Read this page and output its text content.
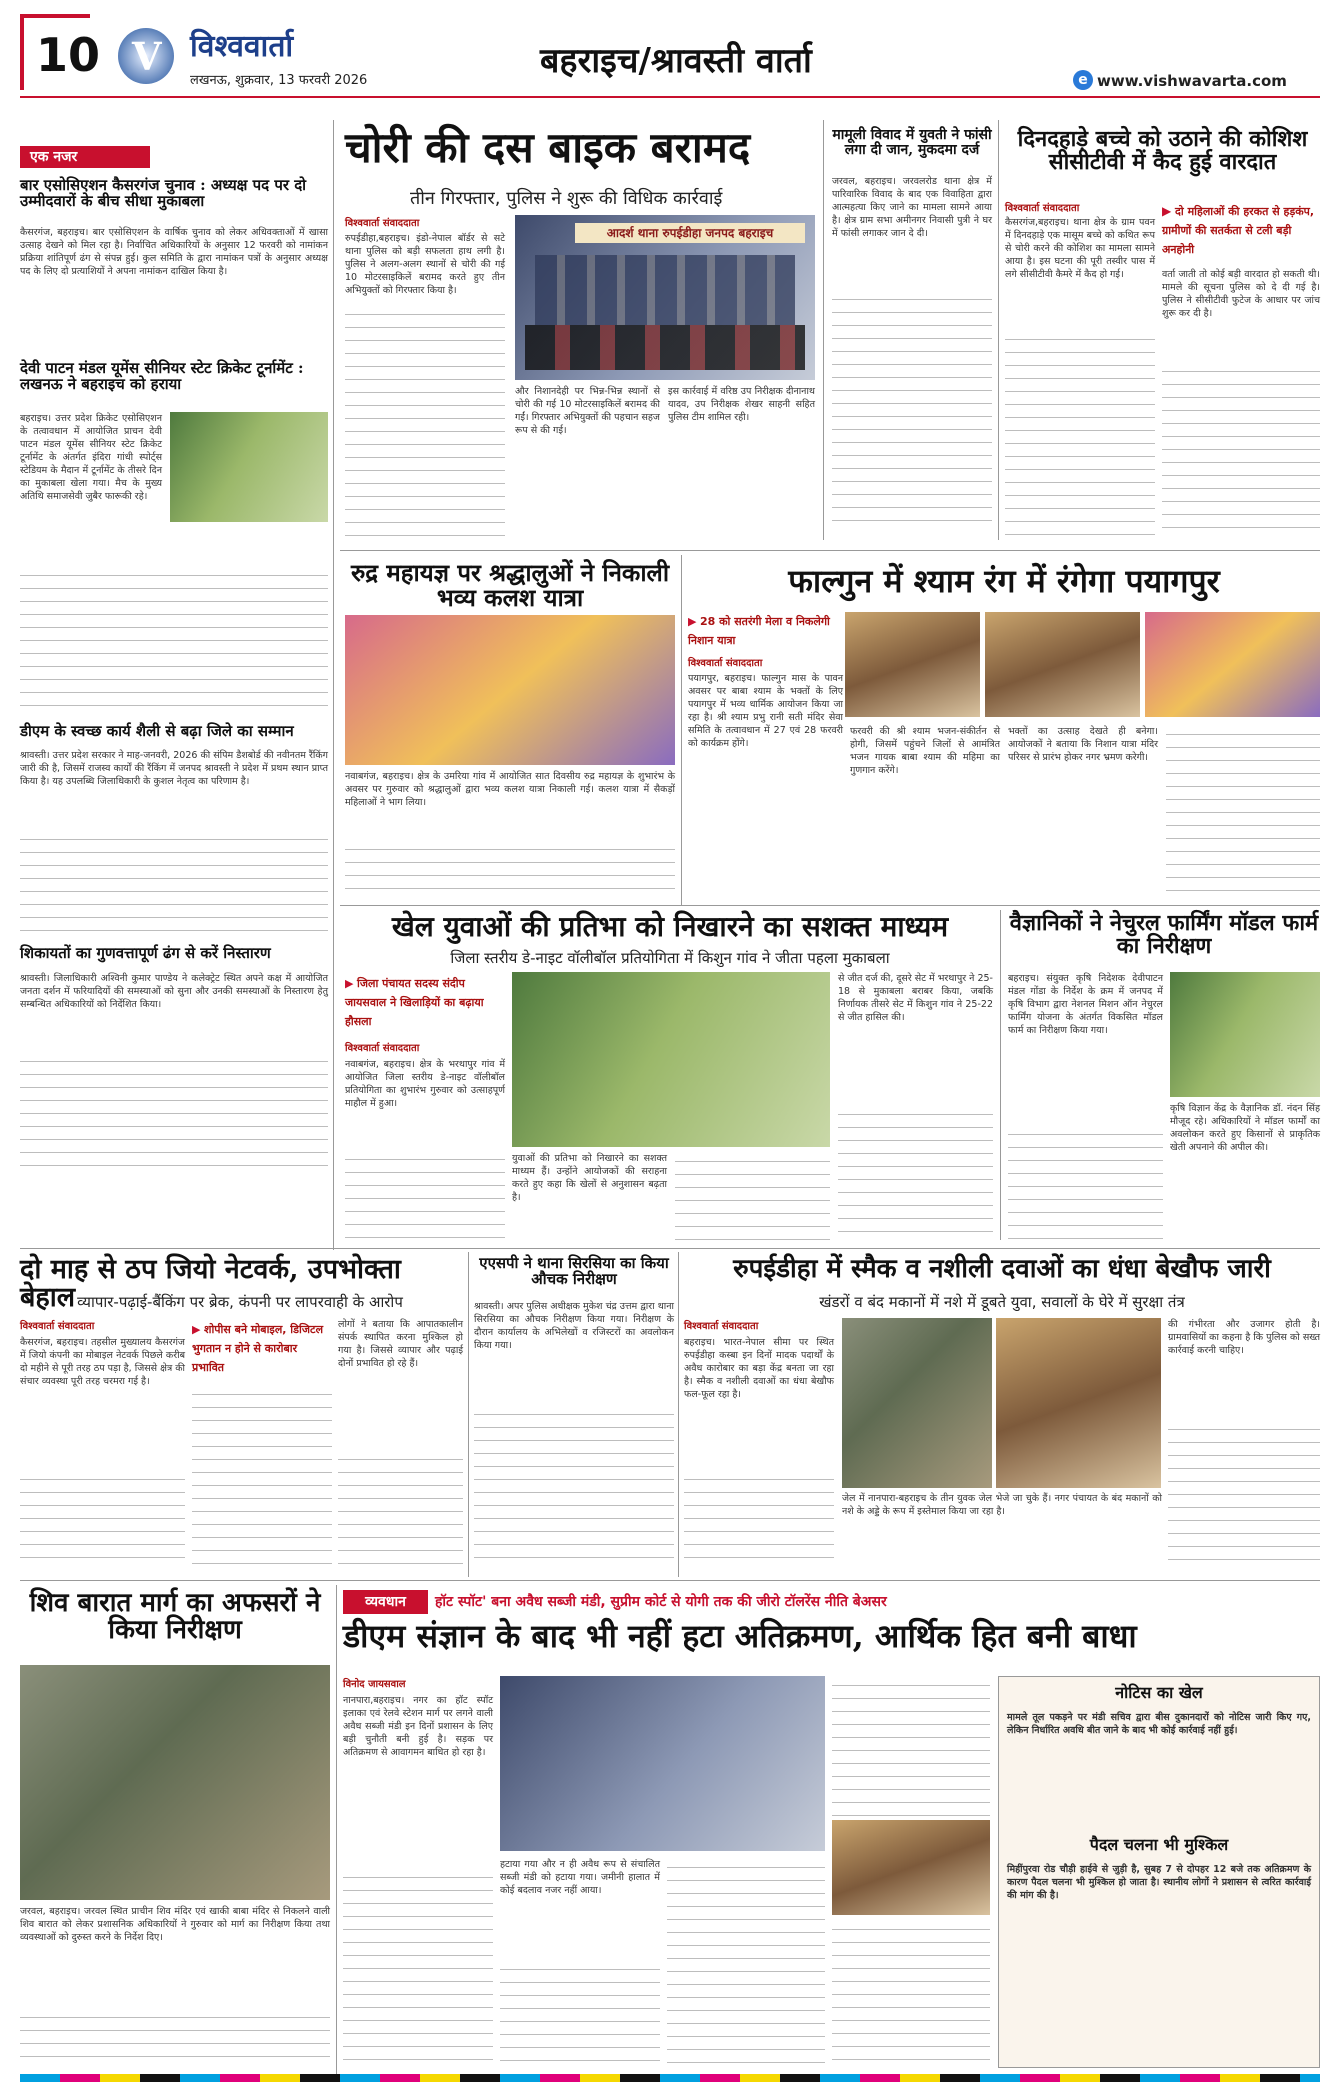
10 V विश्ववार्ता
लखनऊ, शुक्रवार, 13 फरवरी 2026	बहराइच/श्रावस्ती वार्ता	e www.vishwavarta.com
एक नजर
बार एसोसिएशन कैसरगंज चुनाव : अध्यक्ष पद पर दो उम्मीदवारों के बीच सीधा मुकाबला
कैसरगंज, बहराइच। बार एसोसिएशन के वार्षिक चुनाव को लेकर अधिवक्ताओं में खासा उत्साह देखने को मिल रहा है। निर्वाचित अधिकारियों के अनुसार 12 फरवरी को नामांकन प्रक्रिया शांतिपूर्ण ढंग से संपन्न हुई। कुल समिति के द्वारा नामांकन पत्रों के अनुसार अध्यक्ष पद के लिए दो प्रत्याशियों ने अपना नामांकन दाखिल किया है।
देवी पाटन मंडल यूमेंस सीनियर स्टेट क्रिकेट टूर्नामेंट : लखनऊ ने बहराइच को हराया
बहराइच। उत्तर प्रदेश क्रिकेट एसोसिएशन के तत्वावधान में आयोजित प्राचन देवी पाटन मंडल यूमेंस सीनियर स्टेट क्रिकेट टूर्नामेंट के अंतर्गत इंदिरा गांधी स्पोर्ट्स स्टेडियम के मैदान में टूर्नामेंट के तीसरे दिन का मुकाबला खेला गया। मैच के मुख्य अतिथि समाजसेवी जुबैर फारूकी रहे।
डीएम के स्वच्छ कार्य शैली से बढ़ा जिले का सम्मान
श्रावस्ती। उत्तर प्रदेश सरकार ने माह-जनवरी, 2026 की संपिम डैशबोर्ड की नवीनतम रैंकिंग जारी की है, जिसमें राजस्व कार्यों की रैंकिंग में जनपद श्रावस्ती ने प्रदेश में प्रथम स्थान प्राप्त किया है। यह उपलब्धि जिलाधिकारी के कुशल नेतृत्व का परिणाम है।
शिकायतों का गुणवत्तापूर्ण ढंग से करें निस्तारण
श्रावस्ती। जिलाधिकारी अश्विनी कुमार पाण्डेय ने कलेक्ट्रेट स्थित अपने कक्ष में आयोजित जनता दर्शन में फरियादियों की समस्याओं को सुना और उनकी समस्याओं के निस्तारण हेतु सम्बन्धित अधिकारियों को निर्देशित किया।
चोरी की दस बाइक बरामद
तीन गिरफ्तार, पुलिस ने शुरू की विधिक कार्रवाई
विश्ववार्ता संवाददाता
रुपईडीहा,बहराइच। इंडो-नेपाल बॉर्डर से सटे थाना पुलिस को बड़ी सफलता हाथ लगी है। पुलिस ने अलग-अलग स्थानों से चोरी की गई 10 मोटरसाइकिलें बरामद करते हुए तीन अभियुक्तों को गिरफ्तार किया है।
आदर्श थाना रुपईडीहा जनपद बहराइच
और निशानदेही पर भिन्न-भिन्न स्थानों से चोरी की गई 10 मोटरसाइकिलें बरामद की गईं। गिरफ्तार अभियुक्तों की पहचान सहज रूप से की गई।
इस कार्रवाई में वरिष्ठ उप निरीक्षक दीनानाथ यादव, उप निरीक्षक शेखर साहनी सहित पुलिस टीम शामिल रही।
मामूली विवाद में युवती ने फांसी लगा दी जान, मुकदमा दर्ज
जरवल, बहराइच। जरवलरोड थाना क्षेत्र में पारिवारिक विवाद के बाद एक विवाहिता द्वारा आत्महत्या किए जाने का मामला सामने आया है। क्षेत्र ग्राम सभा अमीनगर निवासी पुत्री ने घर में फांसी लगाकर जान दे दी।
दिनदहाड़े बच्चे को उठाने की कोशिश सीसीटीवी में कैद हुई वारदात
विश्ववार्ता संवाददाता
कैसरगंज,बहराइच। थाना क्षेत्र के ग्राम पवन में दिनदहाड़े एक मासूम बच्चे को कथित रूप से चोरी करने की कोशिश का मामला सामने आया है। इस घटना की पूरी तस्वीर पास में लगे सीसीटीवी कैमरे में कैद हो गई।
▶ दो महिलाओं की हरकत से हड़कंप, ग्रामीणों की सतर्कता से टली बड़ी अनहोनी
वर्ता जाती तो कोई बड़ी वारदात हो सकती थी। मामले की सूचना पुलिस को दे दी गई है। पुलिस ने सीसीटीवी फुटेज के आधार पर जांच शुरू कर दी है।
रुद्र महायज्ञ पर श्रद्धालुओं ने निकाली भव्य कलश यात्रा
नवाबगंज, बहराइच। क्षेत्र के उमरिया गांव में आयोजित सात दिवसीय रुद्र महायज्ञ के शुभारंभ के अवसर पर गुरुवार को श्रद्धालुओं द्वारा भव्य कलश यात्रा निकाली गई। कलश यात्रा में सैकड़ों महिलाओं ने भाग लिया।
फाल्गुन में श्याम रंग में रंगेगा पयागपुर
▶ 28 को सतरंगी मेला व निकलेगी निशान यात्रा
विश्ववार्ता संवाददाता
पयागपुर, बहराइच। फाल्गुन मास के पावन अवसर पर बाबा श्याम के भक्तों के लिए पयागपुर में भव्य धार्मिक आयोजन किया जा रहा है। श्री श्याम प्रभु रानी सती मंदिर सेवा समिति के तत्वावधान में 27 एवं 28 फरवरी को कार्यक्रम होंगे।
फरवरी की श्री श्याम भजन-संकीर्तन से होगी, जिसमें पहुंचने जिलों से आमंत्रित भजन गायक बाबा श्याम की महिमा का गुणगान करेंगे।
भक्तों का उत्साह देखते ही बनेगा। आयोजकों ने बताया कि निशान यात्रा मंदिर परिसर से प्रारंभ होकर नगर भ्रमण करेगी।
खेल युवाओं की प्रतिभा को निखारने का सशक्त माध्यम
जिला स्तरीय डे-नाइट वॉलीबॉल प्रतियोगिता में किशुन गांव ने जीता पहला मुकाबला
▶ जिला पंचायत सदस्य संदीप जायसवाल ने खिलाड़ियों का बढ़ाया हौसला
विश्ववार्ता संवाददाता
नवाबगंज, बहराइच। क्षेत्र के भरथापुर गांव में आयोजित जिला स्तरीय डे-नाइट वॉलीबॉल प्रतियोगिता का शुभारंभ गुरुवार को उत्साहपूर्ण माहौल में हुआ।
युवाओं की प्रतिभा को निखारने का सशक्त माध्यम हैं। उन्होंने आयोजकों की सराहना करते हुए कहा कि खेलों से अनुशासन बढ़ता है।
से जीत दर्ज की, दूसरे सेट में भरथापुर ने 25-18 से मुकाबला बराबर किया, जबकि निर्णायक तीसरे सेट में किशुन गांव ने 25-22 से जीत हासिल की।
वैज्ञानिकों ने नेचुरल फार्मिंग मॉडल फार्म का निरीक्षण
बहराइच। संयुक्त कृषि निदेशक देवीपाटन मंडल गोंडा के निर्देश के क्रम में जनपद में कृषि विभाग द्वारा नेशनल मिशन ऑन नेचुरल फार्मिंग योजना के अंतर्गत विकसित मॉडल फार्म का निरीक्षण किया गया।
कृषि विज्ञान केंद्र के वैज्ञानिक डॉ. नंदन सिंह मौजूद रहे। अधिकारियों ने मॉडल फार्मों का अवलोकन करते हुए किसानों से प्राकृतिक खेती अपनाने की अपील की।
दो माह से ठप जियो नेटवर्क, उपभोक्ता बेहाल व्यापार-पढ़ाई-बैंकिंग पर ब्रेक, कंपनी पर लापरवाही के आरोप
विश्ववार्ता संवाददाता
कैसरगंज, बहराइच। तहसील मुख्यालय कैसरगंज में जियो कंपनी का मोबाइल नेटवर्क पिछले करीब दो महीने से पूरी तरह ठप पड़ा है, जिससे क्षेत्र की संचार व्यवस्था पूरी तरह चरमरा गई है।
▶ शोपीस बने मोबाइल, डिजिटल भुगतान न होने से कारोबार प्रभावित
लोगों ने बताया कि आपातकालीन संपर्क स्थापित करना मुश्किल हो गया है। जिससे व्यापार और पढ़ाई दोनों प्रभावित हो रहे हैं।
एएसपी ने थाना सिरसिया का किया औचक निरीक्षण
श्रावस्ती। अपर पुलिस अधीक्षक मुकेश चंद्र उत्तम द्वारा थाना सिरसिया का औचक निरीक्षण किया गया। निरीक्षण के दौरान कार्यालय के अभिलेखों व रजिस्टरों का अवलोकन किया गया।
रुपईडीहा में स्मैक व नशीली दवाओं का धंधा बेखौफ जारी
खंडरों व बंद मकानों में नशे में डूबते युवा, सवालों के घेरे में सुरक्षा तंत्र
विश्ववार्ता संवाददाता
बहराइच। भारत-नेपाल सीमा पर स्थित रुपईडीहा कस्बा इन दिनों मादक पदार्थों के अवैध कारोबार का बड़ा केंद्र बनता जा रहा है। स्मैक व नशीली दवाओं का धंधा बेखौफ फल-फूल रहा है।
जेल में नानपारा-बहराइच के तीन युवक जेल भेजे जा चुके हैं। नगर पंचायत के बंद मकानों को नशे के अड्डे के रूप में इस्तेमाल किया जा रहा है।
की गंभीरता और उजागर होती है। ग्रामवासियों का कहना है कि पुलिस को सख्त कार्रवाई करनी चाहिए।
शिव बारात मार्ग का अफसरों ने किया निरीक्षण
जरवल, बहराइच। जरवल स्थित प्राचीन शिव मंदिर एवं खाकी बाबा मंदिर से निकलने वाली शिव बारात को लेकर प्रशासनिक अधिकारियों ने गुरुवार को मार्ग का निरीक्षण किया तथा व्यवस्थाओं को दुरुस्त करने के निर्देश दिए।
व्यवधान	हॉट स्पॉट' बना अवैध सब्जी मंडी, सुप्रीम कोर्ट से योगी तक की जीरो टॉलरेंस नीति बेअसर
डीएम संज्ञान के बाद भी नहीं हटा अतिक्रमण, आर्थिक हित बनी बाधा
विनोद जायसवाल
नानपारा,बहराइच। नगर का हॉट स्पॉट इलाका एवं रेलवे स्टेशन मार्ग पर लगने वाली अवैध सब्जी मंडी इन दिनों प्रशासन के लिए बड़ी चुनौती बनी हुई है। सड़क पर अतिक्रमण से आवागमन बाधित हो रहा है।
हटाया गया और न ही अवैध रूप से संचालित सब्जी मंडी को हटाया गया। जमीनी हालात में कोई बदलाव नजर नहीं आया।
नोटिस का खेल
मामले तूल पकड़ने पर मंडी सचिव द्वारा बीस दुकानदारों को नोटिस जारी किए गए, लेकिन निर्धारित अवधि बीत जाने के बाद भी कोई कार्रवाई नहीं हुई।
पैदल चलना भी मुश्किल
मिहींपुरवा रोड चौड़ी हाईवे से जुड़ी है, सुबह 7 से दोपहर 12 बजे तक अतिक्रमण के कारण पैदल चलना भी मुश्किल हो जाता है। स्थानीय लोगों ने प्रशासन से त्वरित कार्रवाई की मांग की है।
